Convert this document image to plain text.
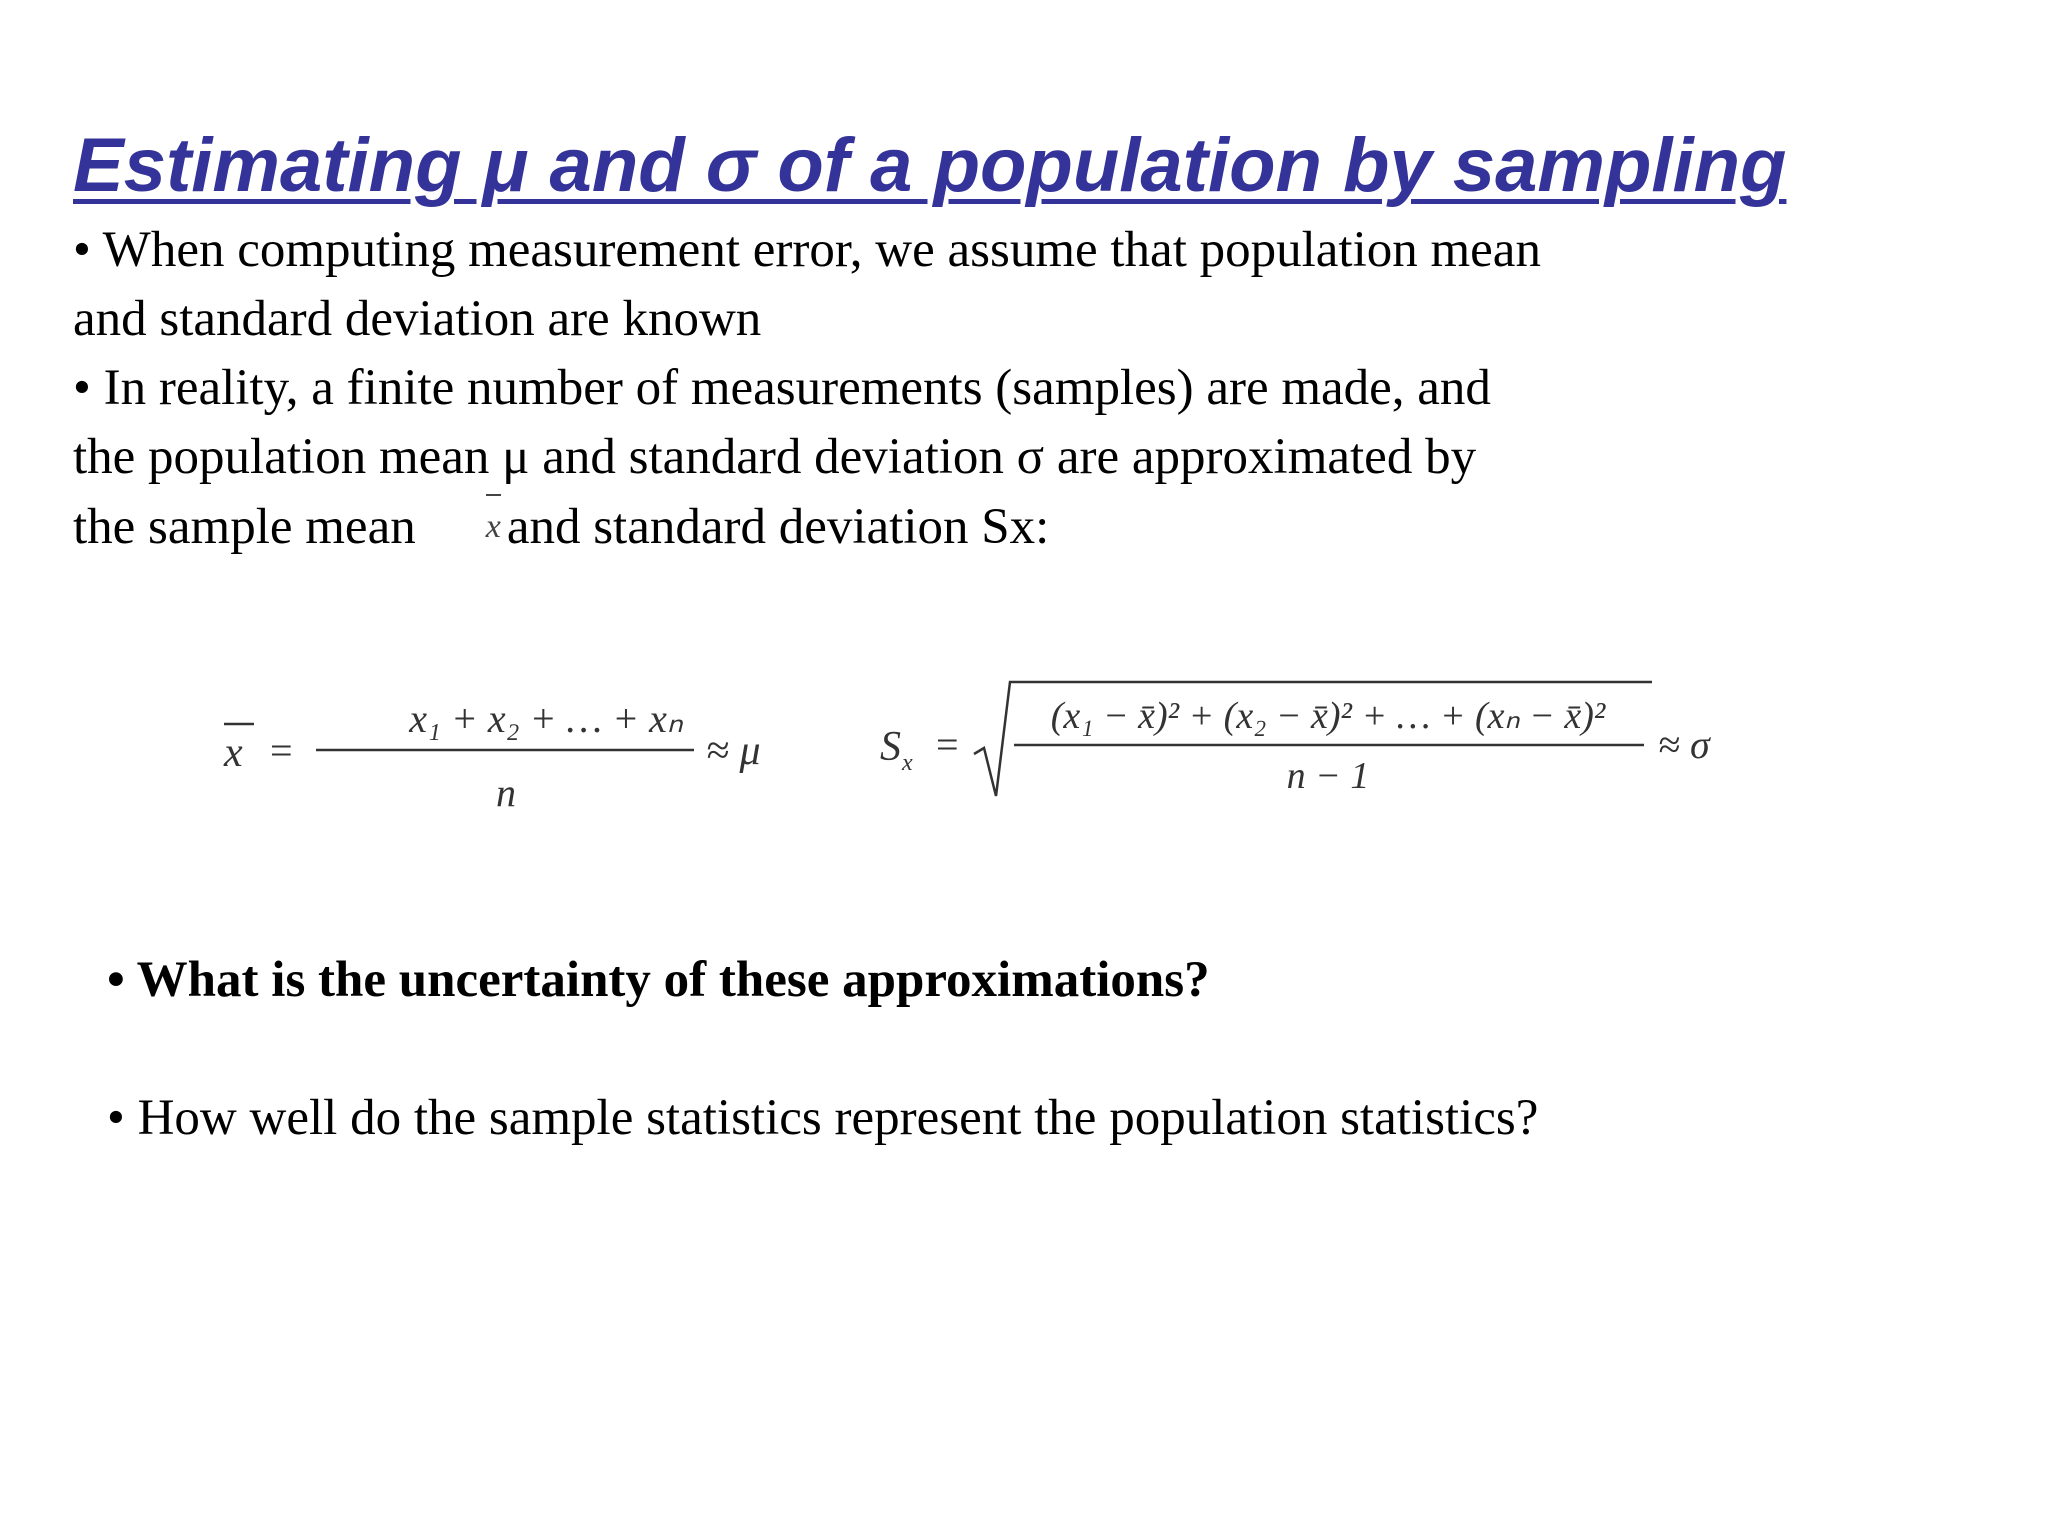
Estimating μ and σ of a population by sampling

• When computing measurement error, we assume that population mean

and standard deviation are known

• In reality, a finite number of measurements (samples) are made, and

the population mean μ and standard deviation σ are approximated by

the sample mean x and standard deviation Sx:

x =
x₁ + x₂ + … + xₙ
n
≈ μ	S x =
(x₁ − x̄)² + (x₂ − x̄)² + … + (xₙ − x̄)²
n − 1
≈ σ

• What is the uncertainty of these approximations?

• How well do the sample statistics represent the population statistics?
